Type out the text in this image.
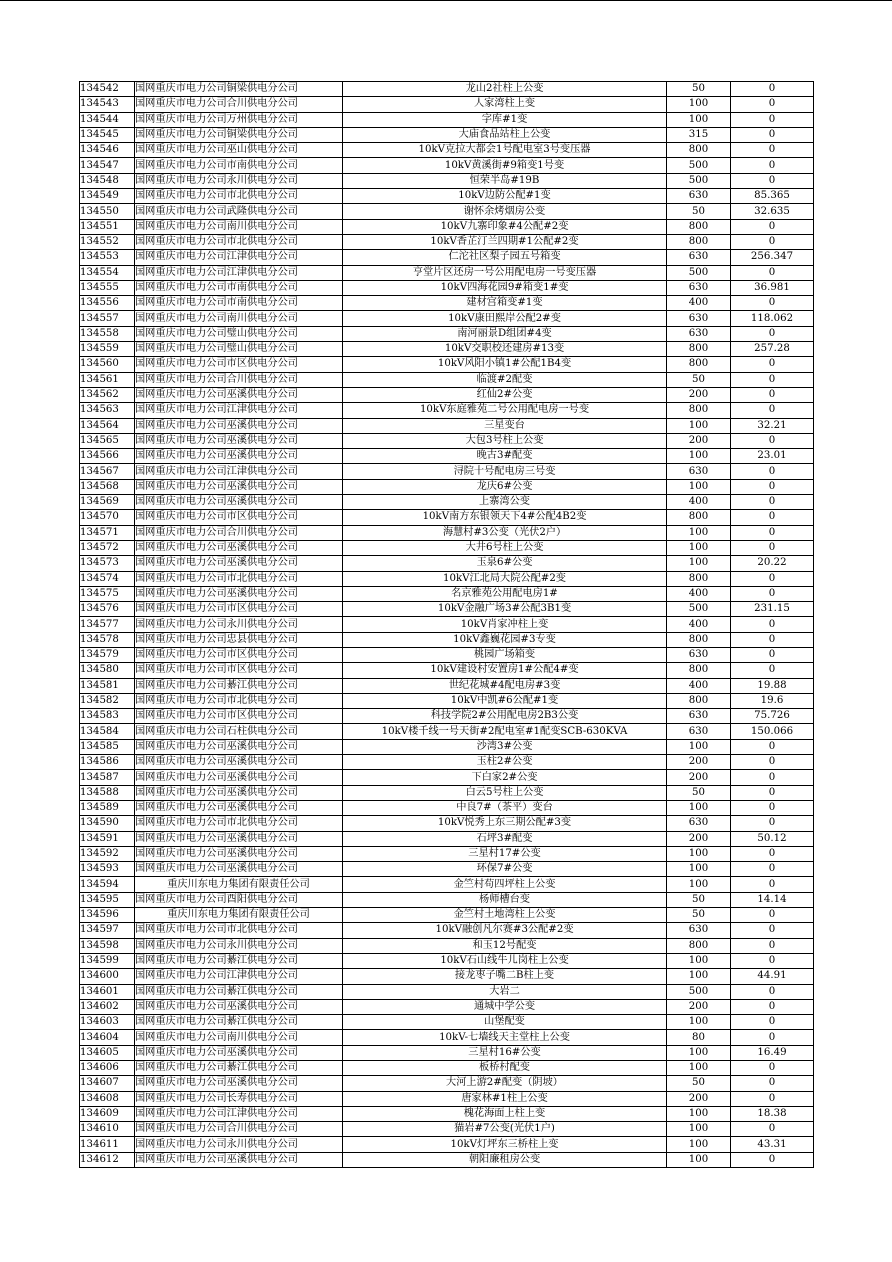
134542	国网重庆市电力公司铜梁供电分公司	龙山2社柱上公变	50	0
134543	国网重庆市电力公司合川供电分公司	人家湾柱上变	100	0
134544	国网重庆市电力公司万州供电分公司	字库#1变	100	0
134545	国网重庆市电力公司铜梁供电分公司	大庙食品站柱上公变	315	0
134546	国网重庆市电力公司巫山供电分公司	10kV克拉大都会1号配电室3号变压器	800	0
134547	国网重庆市电力公司市南供电分公司	10kV黄溪街#9箱变1号变	500	0
134548	国网重庆市电力公司永川供电分公司	恒荣半岛#19B	500	0
134549	国网重庆市电力公司市北供电分公司	10kV边防公配#1变	630	85.365
134550	国网重庆市电力公司武隆供电分公司	谢怀余烤烟房公变	50	32.635
134551	国网重庆市电力公司南川供电分公司	10kV九寨印象#4公配#2变	800	0
134552	国网重庆市电力公司市北供电分公司	10kV香芷汀兰四期#1公配#2变	800	0
134553	国网重庆市电力公司江津供电分公司	仁沱社区梨子园五号箱变	630	256.347
134554	国网重庆市电力公司江津供电分公司	亨堂片区还房一号公用配电房一号变压器	500	0
134555	国网重庆市电力公司市南供电分公司	10kV四海花园9#箱变1#变	630	36.981
134556	国网重庆市电力公司市南供电分公司	建材宫箱变#1变	400	0
134557	国网重庆市电力公司南川供电分公司	10kV康田熙岸公配2#变	630	118.062
134558	国网重庆市电力公司璧山供电分公司	南河丽景D组团#4变	630	0
134559	国网重庆市电力公司璧山供电分公司	10kV交职校还建房#13变	800	257.28
134560	国网重庆市电力公司市区供电分公司	10kV风阳小镇1#公配1B4变	800	0
134561	国网重庆市电力公司合川供电分公司	临渡#2配变	50	0
134562	国网重庆市电力公司巫溪供电分公司	红仙2#公变	200	0
134563	国网重庆市电力公司江津供电分公司	10kV东庭雅苑二号公用配电房一号变	800	0
134564	国网重庆市电力公司巫溪供电分公司	三星变台	100	32.21
134565	国网重庆市电力公司巫溪供电分公司	大包3号柱上公变	200	0
134566	国网重庆市电力公司巫溪供电分公司	晚古3#配变	100	23.01
134567	国网重庆市电力公司江津供电分公司	浔院十号配电房三号变	630	0
134568	国网重庆市电力公司巫溪供电分公司	龙庆6#公变	100	0
134569	国网重庆市电力公司巫溪供电分公司	上寨湾公变	400	0
134570	国网重庆市电力公司市区供电分公司	10kV南方东银领天下4#公配4B2变	800	0
134571	国网重庆市电力公司合川供电分公司	海慧村#3公变（光伏2户）	100	0
134572	国网重庆市电力公司巫溪供电分公司	大井6号柱上公变	100	0
134573	国网重庆市电力公司巫溪供电分公司	玉泉6#公变	100	20.22
134574	国网重庆市电力公司市北供电分公司	10kV江北局大院公配#2变	800	0
134575	国网重庆市电力公司巫溪供电分公司	名京雅苑公用配电房1#	400	0
134576	国网重庆市电力公司市区供电分公司	10kV金融广场3#公配3B1变	500	231.15
134577	国网重庆市电力公司永川供电分公司	10kV肖家冲柱上变	400	0
134578	国网重庆市电力公司忠县供电分公司	10kV鑫巍花园#3专变	800	0
134579	国网重庆市电力公司市区供电分公司	桃园广场箱变	630	0
134580	国网重庆市电力公司市区供电分公司	10kV建设村安置房1#公配4#变	800	0
134581	国网重庆市电力公司綦江供电分公司	世纪花城#4配电房#3变	400	19.88
134582	国网重庆市电力公司市北供电分公司	10kV中凯#6公配#1变	800	19.6
134583	国网重庆市电力公司市区供电分公司	科技学院2#公用配电房2B3公变	630	75.726
134584	国网重庆市电力公司石柱供电分公司	10kV楼千线一号天街#2配电室#1配变SCB-630KVA	630	150.066
134585	国网重庆市电力公司巫溪供电分公司	沙湾3#公变	100	0
134586	国网重庆市电力公司巫溪供电分公司	玉柱2#公变	200	0
134587	国网重庆市电力公司巫溪供电分公司	下白家2#公变	200	0
134588	国网重庆市电力公司巫溪供电分公司	白云5号柱上公变	50	0
134589	国网重庆市电力公司巫溪供电分公司	中良7#（茶平）变台	100	0
134590	国网重庆市电力公司市北供电分公司	10kV悦秀上东三期公配#3变	630	0
134591	国网重庆市电力公司巫溪供电分公司	石坪3#配变	200	50.12
134592	国网重庆市电力公司巫溪供电分公司	三星村17#公变	100	0
134593	国网重庆市电力公司巫溪供电分公司	环保7#公变	100	0
134594	重庆川东电力集团有限责任公司	金竺村苟四坪柱上公变	100	0
134595	国网重庆市电力公司酉阳供电分公司	杨师槽台变	50	14.14
134596	重庆川东电力集团有限责任公司	金竺村土地湾柱上公变	50	0
134597	国网重庆市电力公司市北供电分公司	10kV融创凡尔赛#3公配#2变	630	0
134598	国网重庆市电力公司永川供电分公司	和玉12号配变	800	0
134599	国网重庆市电力公司綦江供电分公司	10kV石山线牛儿岗柱上公变	100	0
134600	国网重庆市电力公司江津供电分公司	接龙枣子嘴二B柱上变	100	44.91
134601	国网重庆市电力公司綦江供电分公司	大岩二	500	0
134602	国网重庆市电力公司巫溪供电分公司	通城中学公变	200	0
134603	国网重庆市电力公司綦江供电分公司	山堡配变	100	0
134604	国网重庆市电力公司南川供电分公司	10kV-七墙线天主堂柱上公变	80	0
134605	国网重庆市电力公司巫溪供电分公司	三星村16#公变	100	16.49
134606	国网重庆市电力公司綦江供电分公司	板桥村配变	100	0
134607	国网重庆市电力公司巫溪供电分公司	大河上游2#配变（阴坡）	50	0
134608	国网重庆市电力公司长寿供电分公司	唐家林#1柱上公变	200	0
134609	国网重庆市电力公司江津供电分公司	槐花海面上柱上变	100	18.38
134610	国网重庆市电力公司合川供电分公司	猫岩#7公变(光伏1户)	100	0
134611	国网重庆市电力公司永川供电分公司	10kV灯坪东三桥柱上变	100	43.31
134612	国网重庆市电力公司巫溪供电分公司	朝阳廉租房公变	100	0
